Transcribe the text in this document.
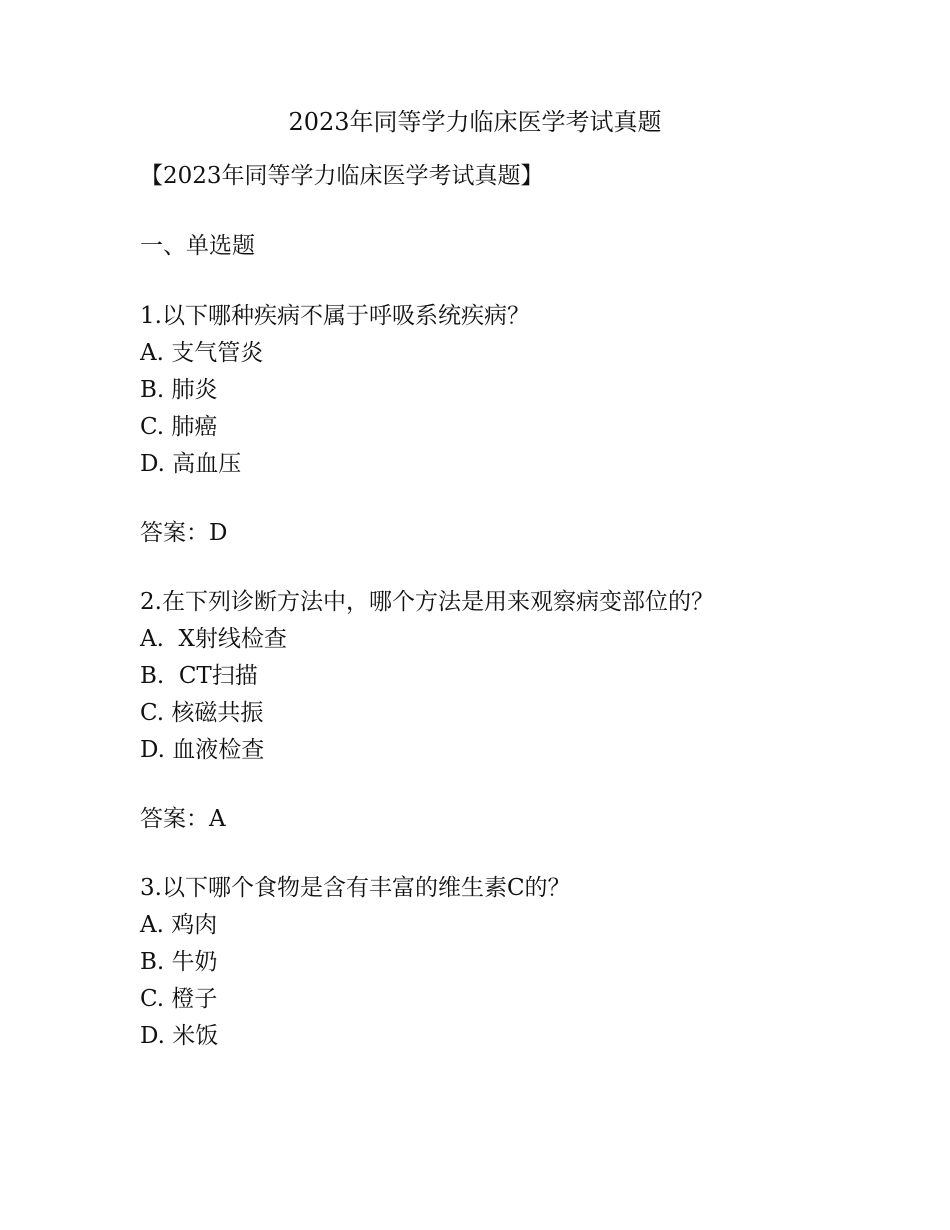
2023年同等学力临床医学考试真题
【2023年同等学力临床医学考试真题】
一、单选题
1.以下哪种疾病不属于呼吸系统疾病？
A. 支气管炎
B. 肺炎
C. 肺癌
D. 高血压
答案：D
2.在下列诊断方法中，哪个方法是用来观察病变部位的？
A.  X射线检查
B.  CT扫描
C. 核磁共振
D. 血液检查
答案：A
3.以下哪个食物是含有丰富的维生素C的？
A. 鸡肉
B. 牛奶
C. 橙子
D. 米饭
